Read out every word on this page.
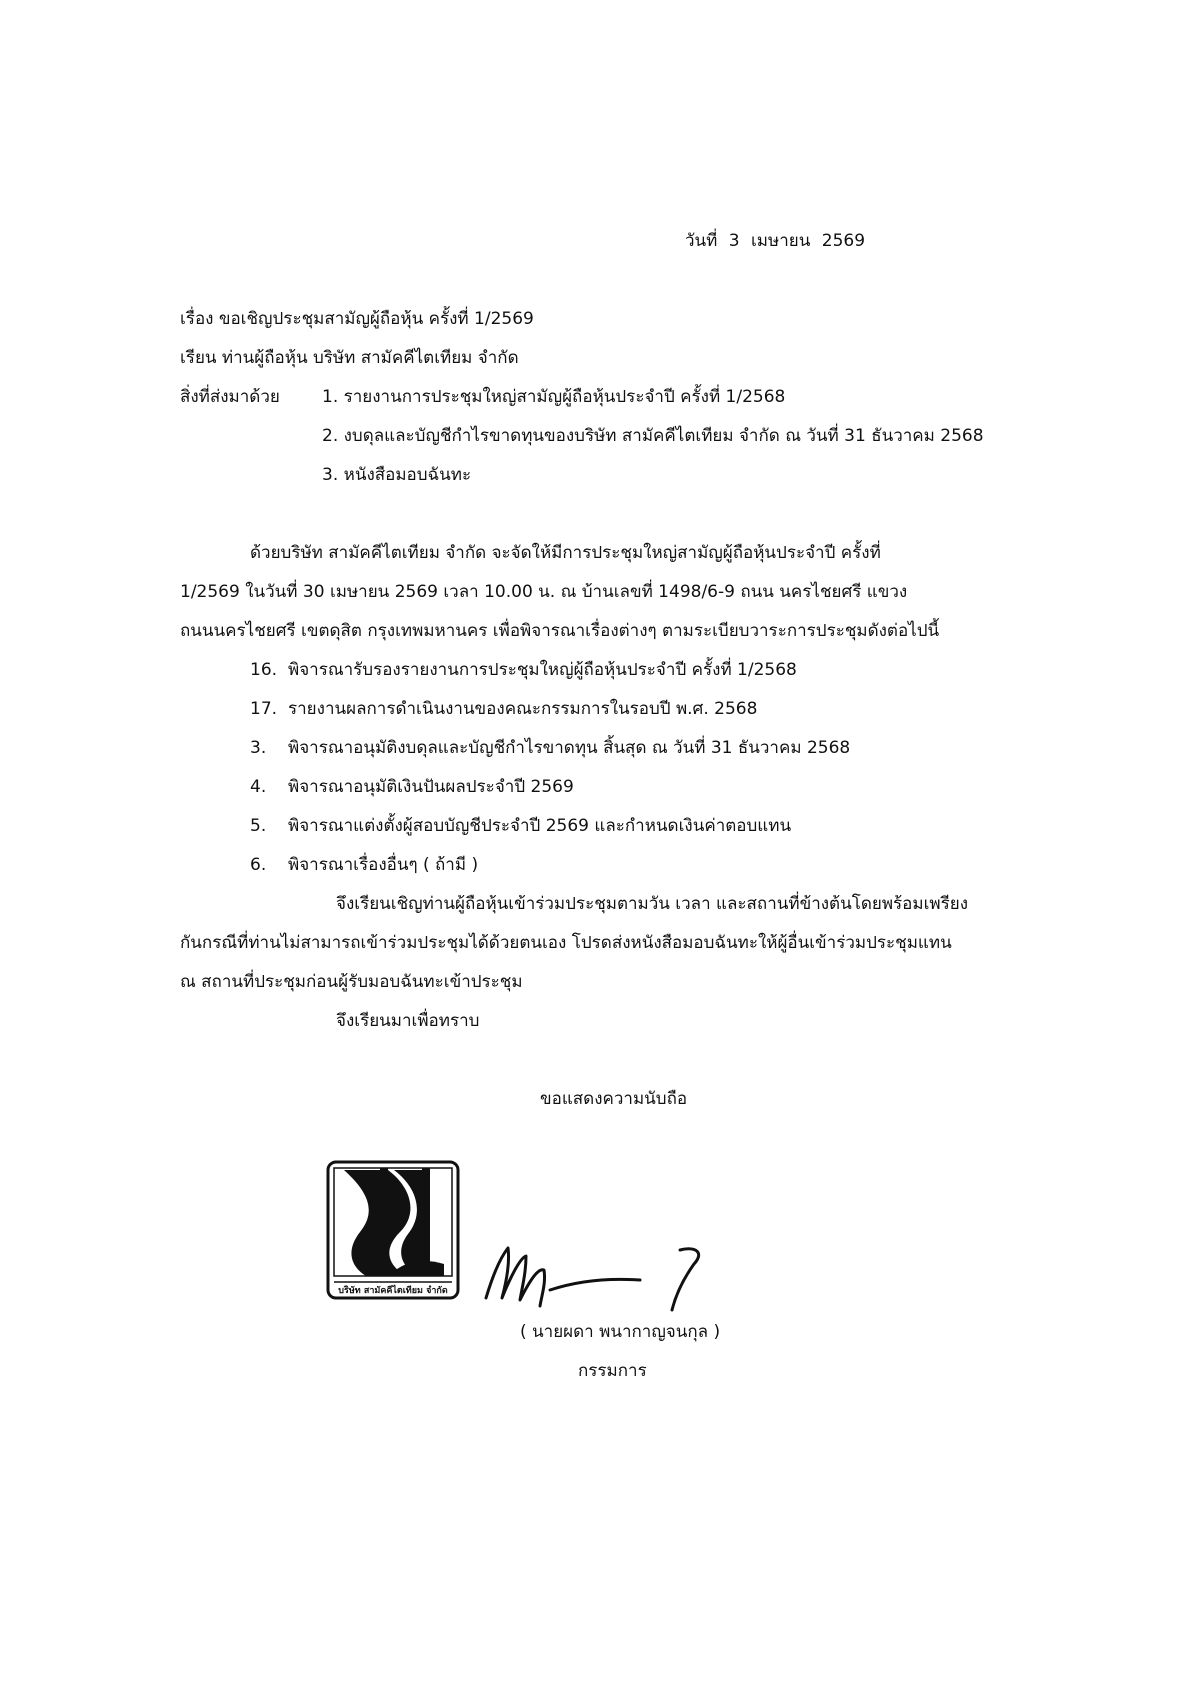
วันที่ 3 เมษายน 2569
เรื่อง ขอเชิญประชุมสามัญผู้ถือหุ้น ครั้งที่ 1/2569
เรียน ท่านผู้ถือหุ้น บริษัท สามัคคีไตเทียม จำกัด
สิ่งที่ส่งมาด้วย 1. รายงานการประชุมใหญ่สามัญผู้ถือหุ้นประจำปี ครั้งที่ 1/2568
2. งบดุลและบัญชีกำไรขาดทุนของบริษัท สามัคคีไตเทียม จำกัด ณ วันที่ 31 ธันวาคม 2568
3. หนังสือมอบฉันทะ
ด้วยบริษัท สามัคคีไตเทียม จำกัด จะจัดให้มีการประชุมใหญ่สามัญผู้ถือหุ้นประจำปี ครั้งที่
1/2569 ในวันที่ 30 เมษายน 2569 เวลา 10.00 น. ณ บ้านเลขที่ 1498/6-9 ถนน นครไชยศรี แขวง
ถนนนครไชยศรี เขตดุสิต กรุงเทพมหานคร เพื่อพิจารณาเรื่องต่างๆ ตามระเบียบวาระการประชุมดังต่อไปนี้
16. พิจารณารับรองรายงานการประชุมใหญ่ผู้ถือหุ้นประจำปี ครั้งที่ 1/2568
17. รายงานผลการดำเนินงานของคณะกรรมการในรอบปี พ.ศ. 2568
3. พิจารณาอนุมัติงบดุลและบัญชีกำไรขาดทุน สิ้นสุด ณ วันที่ 31 ธันวาคม 2568
4. พิจารณาอนุมัติเงินปันผลประจำปี 2569
5. พิจารณาแต่งตั้งผู้สอบบัญชีประจำปี 2569 และกำหนดเงินค่าตอบแทน
6. พิจารณาเรื่องอื่นๆ ( ถ้ามี )
จึงเรียนเชิญท่านผู้ถือหุ้นเข้าร่วมประชุมตามวัน เวลา และสถานที่ข้างต้นโดยพร้อมเพรียง
กันกรณีที่ท่านไม่สามารถเข้าร่วมประชุมได้ด้วยตนเอง โปรดส่งหนังสือมอบฉันทะให้ผู้อื่นเข้าร่วมประชุมแทน
ณ สถานที่ประชุมก่อนผู้รับมอบฉันทะเข้าประชุม
จึงเรียนมาเพื่อทราบ
ขอแสดงความนับถือ
บริษัท สามัคคีไตเทียม จำกัด
( นายผดา พนากาญจนกุล )
กรรมการ
